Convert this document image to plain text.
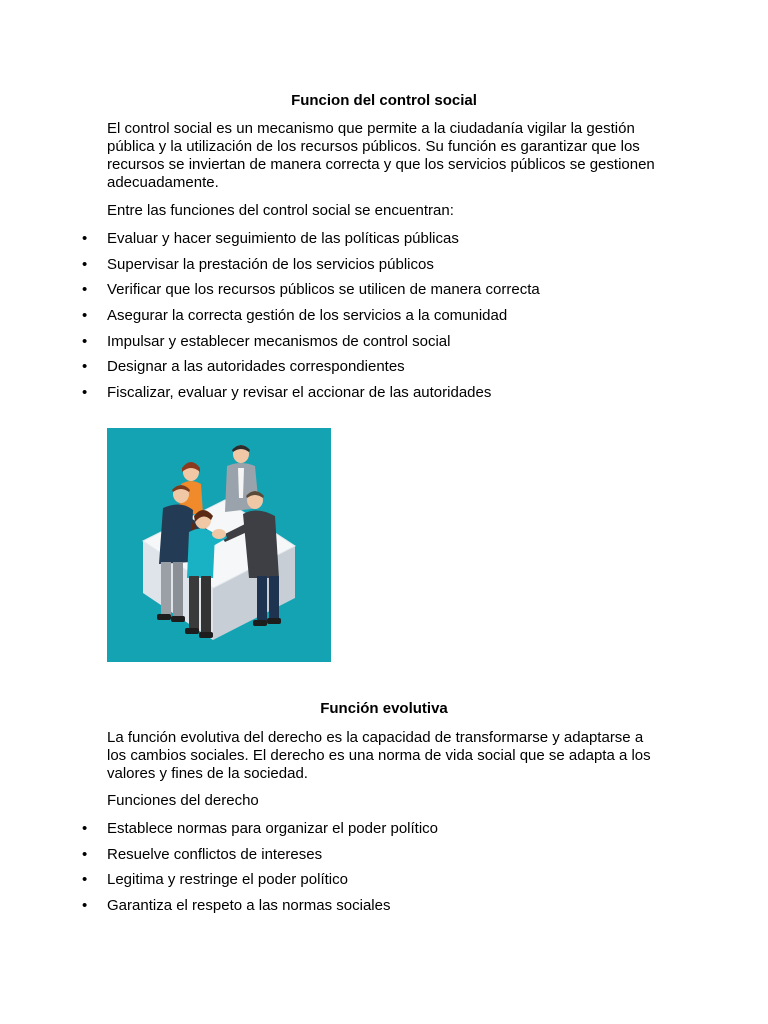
Funcion del control social
El control social es un mecanismo que permite a la ciudadanía vigilar la gestión
pública y la utilización de los recursos públicos. Su función es garantizar que los
recursos se inviertan de manera correcta y que los servicios públicos se gestionen
adecuadamente.
Entre las funciones del control social se encuentran:
• Evaluar y hacer seguimiento de las políticas públicas
• Supervisar la prestación de los servicios públicos
• Verificar que los recursos públicos se utilicen de manera correcta
• Asegurar la correcta gestión de los servicios a la comunidad
• Impulsar y establecer mecanismos de control social
• Designar a las autoridades correspondientes
• Fiscalizar, evaluar y revisar el accionar de las autoridades
Función evolutiva
La función evolutiva del derecho es la capacidad de transformarse y adaptarse a
los cambios sociales. El derecho es una norma de vida social que se adapta a los
valores y fines de la sociedad.
Funciones del derecho
• Establece normas para organizar el poder político
• Resuelve conflictos de intereses
• Legitima y restringe el poder político
• Garantiza el respeto a las normas sociales
